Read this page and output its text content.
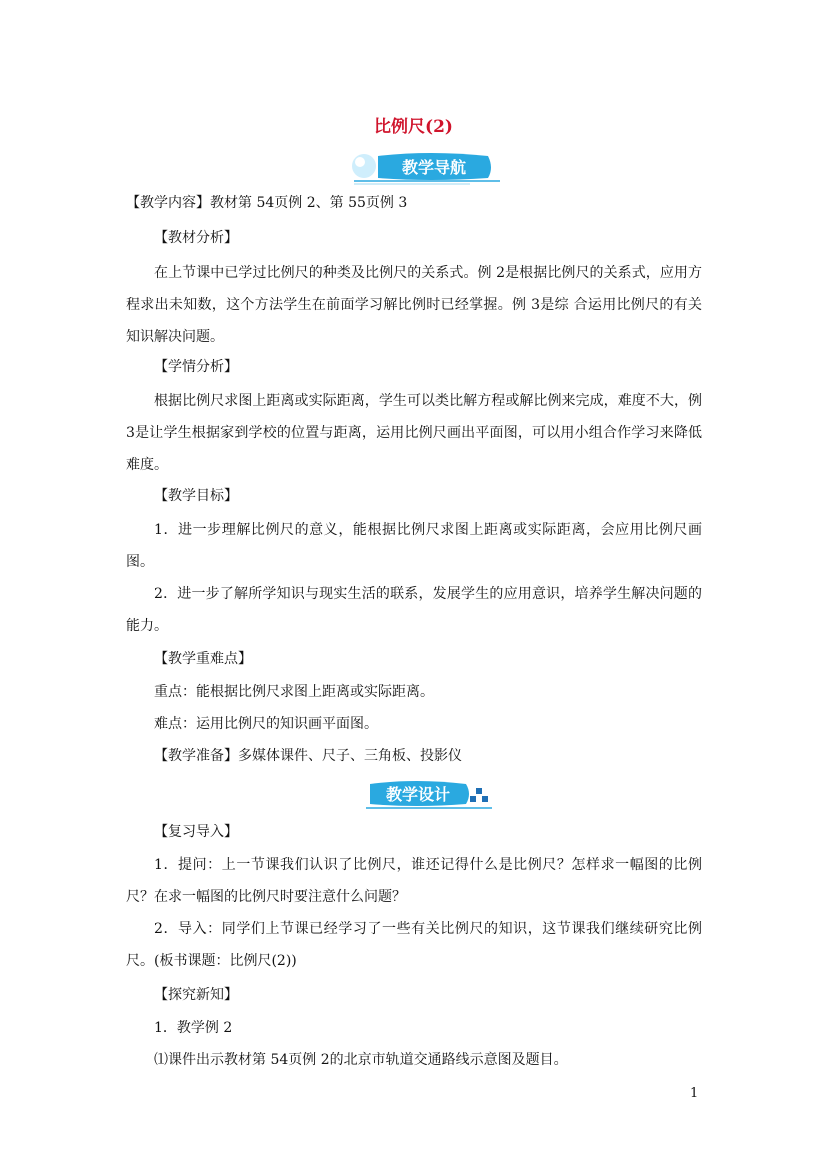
比例尺(2)
教学导航
【教学内容】教材第 54页例 2、第 55页例 3
【教材分析】
在上节课中已学过比例尺的种类及比例尺的关系式。例 2是根据比例尺的关系式，应用方程求出未知数，这个方法学生在前面学习解比例时已经掌握。例 3是综 合运用比例尺的有关知识解决问题。
【学情分析】
根据比例尺求图上距离或实际距离，学生可以类比解方程或解比例来完成，难度不大，例 3是让学生根据家到学校的位置与距离，运用比例尺画出平面图，可以用小组合作学习来降低难度。
【教学目标】
1．进一步理解比例尺的意义，能根据比例尺求图上距离或实际距离，会应用比例尺画图。
2．进一步了解所学知识与现实生活的联系，发展学生的应用意识，培养学生解决问题的能力。
【教学重难点】
重点：能根据比例尺求图上距离或实际距离。
难点：运用比例尺的知识画平面图。
【教学准备】多媒体课件、尺子、三角板、投影仪
教学设计
【复习导入】
1．提问：上一节课我们认识了比例尺，谁还记得什么是比例尺？怎样求一幅图的比例尺？在求一幅图的比例尺时要注意什么问题？
2．导入：同学们上节课已经学习了一些有关比例尺的知识，这节课我们继续研究比例尺。(板书课题：比例尺(2))
【探究新知】
1．教学例 2
⑴课件出示教材第 54页例 2的北京市轨道交通路线示意图及题目。
1
